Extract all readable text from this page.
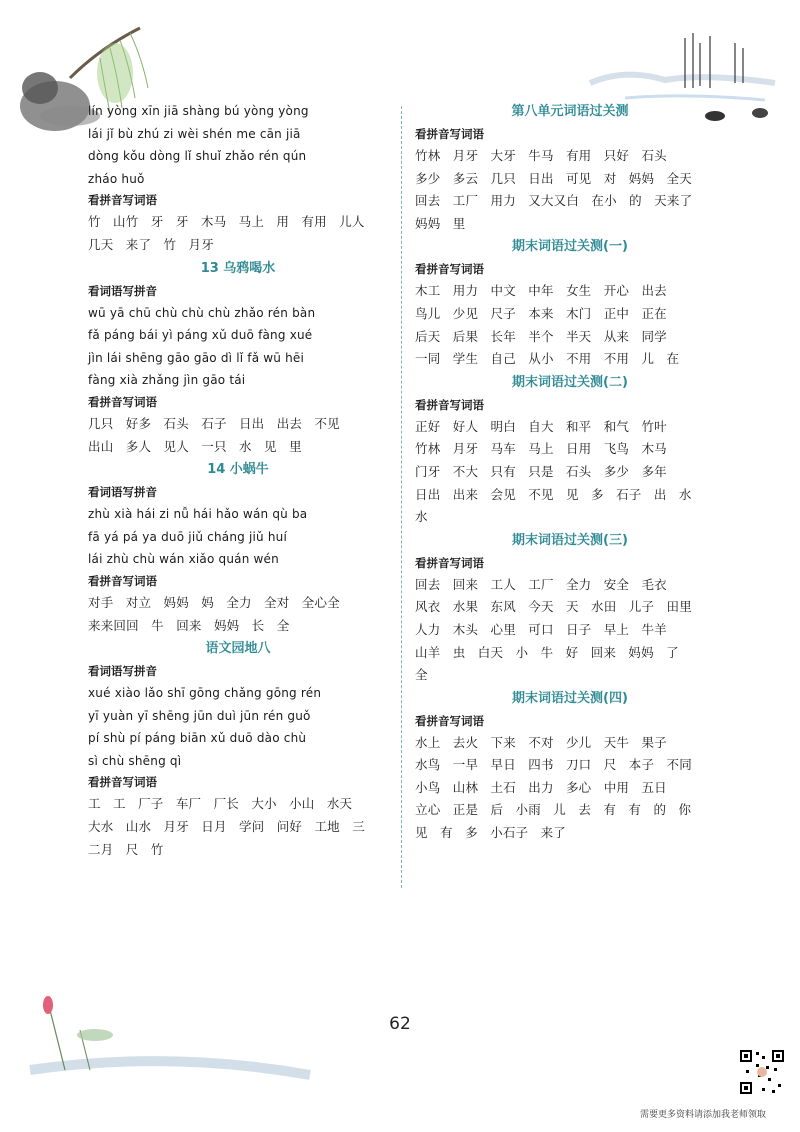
lín yòng xīn jiā shàng bú yòng yòng
lái jǐ bù zhú zi wèi shén me cān jiā
dòng kǒu dòng lǐ shuǐ zhǎo rén qún
zháo huǒ
看拼音写词语
竹  山竹  牙  牙  木马  马上  用  有用  儿人
几天  来了  竹  月牙
13 乌鸦喝水
看词语写拼音
wū yā chū chù chù chù zhǎo rén bàn
fǎ páng bái yì páng xǔ duō fàng xué
jìn lái shēng gāo gāo dì lǐ fǎ wū hēi
fàng xià zhǎng jìn gāo tái
看拼音写词语
几只  好多  石头  石子  日出  出去  不见
出山  多人  见人  一只  水  见  里
14 小蜗牛
看词语写拼音
zhù xià hái zi nǚ hái hǎo wán qù ba
fā yá pá ya duō jiǔ cháng jiǔ huí
lái zhù chù wán xiǎo quán wén
看拼音写词语
对手  对立  妈妈  妈  全力  全对  全心全
来来回回  牛  回来  妈妈  长  全
语文园地八
看词语写拼音
xué xiào lǎo shī gōng chǎng gōng rén
yī yuàn yī shēng jūn duì jūn rén guǒ
pí shù pí páng biān xǔ duō dào chù
sì chù shēng qì
看拼音写词语
工  工  厂子  车厂  厂长  大小  小山  水天
大水  山水  月牙  日月  学问  问好  工地  三
二月  尺  竹
第八单元词语过关测
看拼音写词语
竹林  月牙  大牙  牛马  有用  只好  石头
多少  多云  几只  日出  可见  对  妈妈  全天
回去  工厂  用力  又大又白  在小  的  天来了
妈妈  里
期末词语过关测(一)
看拼音写词语
木工  用力  中文  中年  女生  开心  出去
鸟儿  少见  尺子  本来  木门  正中  正在
后天  后果  长年  半个  半天  从来  同学
一同  学生  自己  从小  不用  不用  儿  在
期末词语过关测(二)
看拼音写词语
正好  好人  明白  自大  和平  和气  竹叶
竹林  月牙  马车  马上  日用  飞鸟  木马
门牙  不大  只有  只是  石头  多少  多年
日出  出来  会见  不见  见  多  石子  出  水
水
期末词语过关测(三)
看拼音写词语
回去  回来  工人  工厂  全力  安全  毛衣
风衣  水果  东风  今天  天  水田  儿子  田里
人力  木头  心里  可口  日子  早上  牛羊
山羊  虫  白天  小  牛  好  回来  妈妈  了
全
期末词语过关测(四)
看拼音写词语
水上  去火  下来  不对  少儿  天牛  果子
水鸟  一早  早日  四书  刀口  尺  本子  不同
小鸟  山林  土石  出力  多心  中用  五日
立心  正是  后  小雨  儿  去  有  有  的  你
见  有  多  小石子  来了
62
需要更多资料请添加我老师领取
